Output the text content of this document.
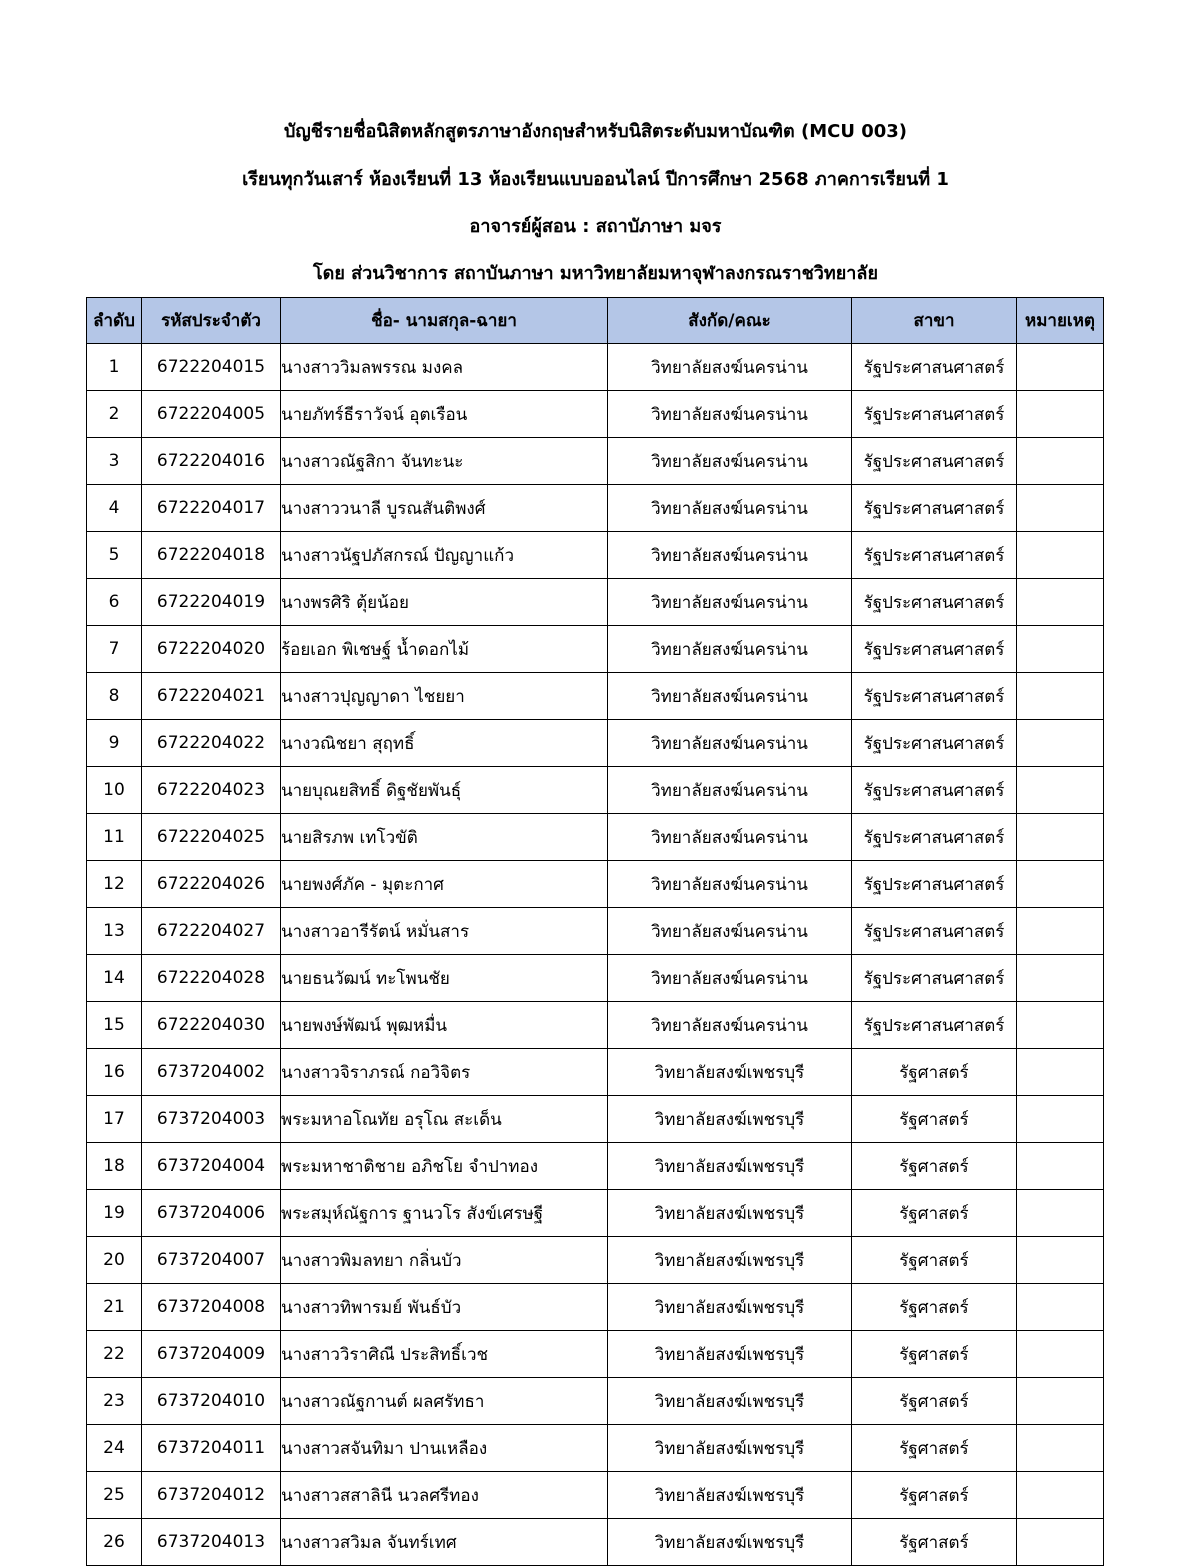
บัญชีรายชื่อนิสิตหลักสูตรภาษาอังกฤษสำหรับนิสิตระดับมหาบัณฑิต (MCU 003)
เรียนทุกวันเสาร์ ห้องเรียนที่ 13 ห้องเรียนแบบออนไลน์ ปีการศึกษา 2568 ภาคการเรียนที่ 1
อาจารย์ผู้สอน : สถาบัภาษา มจร
โดย ส่วนวิชาการ สถาบันภาษา มหาวิทยาลัยมหาจุฬาลงกรณราชวิทยาลัย
ลำดับ	รหัสประจำตัว	ชื่อ- นามสกุล-ฉายา	สังกัด/คณะ	สาขา	หมายเหตุ
1	6722204015	นางสาววิมลพรรณ มงคล	วิทยาลัยสงฆ์นครน่าน	รัฐประศาสนศาสตร์	
2	6722204005	นายภัทร์ธีราวัจน์ อุตเรือน	วิทยาลัยสงฆ์นครน่าน	รัฐประศาสนศาสตร์	
3	6722204016	นางสาวณัฐสิกา จันทะนะ	วิทยาลัยสงฆ์นครน่าน	รัฐประศาสนศาสตร์	
4	6722204017	นางสาววนาลี บูรณสันติพงศ์	วิทยาลัยสงฆ์นครน่าน	รัฐประศาสนศาสตร์	
5	6722204018	นางสาวนัฐปภัสกรณ์ ปัญญาแก้ว	วิทยาลัยสงฆ์นครน่าน	รัฐประศาสนศาสตร์	
6	6722204019	นางพรศิริ ตุ้ยน้อย	วิทยาลัยสงฆ์นครน่าน	รัฐประศาสนศาสตร์	
7	6722204020	ร้อยเอก พิเชษฐ์ น้ำดอกไม้	วิทยาลัยสงฆ์นครน่าน	รัฐประศาสนศาสตร์	
8	6722204021	นางสาวปุญญาดา ไชยยา	วิทยาลัยสงฆ์นครน่าน	รัฐประศาสนศาสตร์	
9	6722204022	นางวณิชยา สุฤทธิ์	วิทยาลัยสงฆ์นครน่าน	รัฐประศาสนศาสตร์	
10	6722204023	นายบุณยสิทธิ์ ดิฐชัยพันธุ์	วิทยาลัยสงฆ์นครน่าน	รัฐประศาสนศาสตร์	
11	6722204025	นายสิรภพ เทโวขัติ	วิทยาลัยสงฆ์นครน่าน	รัฐประศาสนศาสตร์	
12	6722204026	นายพงศ์ภัค - มุตะกาศ	วิทยาลัยสงฆ์นครน่าน	รัฐประศาสนศาสตร์	
13	6722204027	นางสาวอารีรัตน์ หมั่นสาร	วิทยาลัยสงฆ์นครน่าน	รัฐประศาสนศาสตร์	
14	6722204028	นายธนวัฒน์ ทะโพนชัย	วิทยาลัยสงฆ์นครน่าน	รัฐประศาสนศาสตร์	
15	6722204030	นายพงษ์พัฒน์ พุฒหมื่น	วิทยาลัยสงฆ์นครน่าน	รัฐประศาสนศาสตร์	
16	6737204002	นางสาวจิราภรณ์ กอวิจิตร	วิทยาลัยสงฆ์เพชรบุรี	รัฐศาสตร์	
17	6737204003	พระมหาอโณทัย อรุโณ สะเด็น	วิทยาลัยสงฆ์เพชรบุรี	รัฐศาสตร์	
18	6737204004	พระมหาชาติชาย อภิชโย จำปาทอง	วิทยาลัยสงฆ์เพชรบุรี	รัฐศาสตร์	
19	6737204006	พระสมุห์ณัฐการ ฐานวโร สังข์เศรษฐี	วิทยาลัยสงฆ์เพชรบุรี	รัฐศาสตร์	
20	6737204007	นางสาวพิมลทยา กลิ่นบัว	วิทยาลัยสงฆ์เพชรบุรี	รัฐศาสตร์	
21	6737204008	นางสาวทิพารมย์ พันธ์บัว	วิทยาลัยสงฆ์เพชรบุรี	รัฐศาสตร์	
22	6737204009	นางสาววิราศิณี ประสิทธิ์เวช	วิทยาลัยสงฆ์เพชรบุรี	รัฐศาสตร์	
23	6737204010	นางสาวณัฐกานต์ ผลศรัทธา	วิทยาลัยสงฆ์เพชรบุรี	รัฐศาสตร์	
24	6737204011	นางสาวสจันทิมา ปานเหลือง	วิทยาลัยสงฆ์เพชรบุรี	รัฐศาสตร์	
25	6737204012	นางสาวสสาลินี นวลศรีทอง	วิทยาลัยสงฆ์เพชรบุรี	รัฐศาสตร์	
26	6737204013	นางสาวสวิมล จันทร์เทศ	วิทยาลัยสงฆ์เพชรบุรี	รัฐศาสตร์	
